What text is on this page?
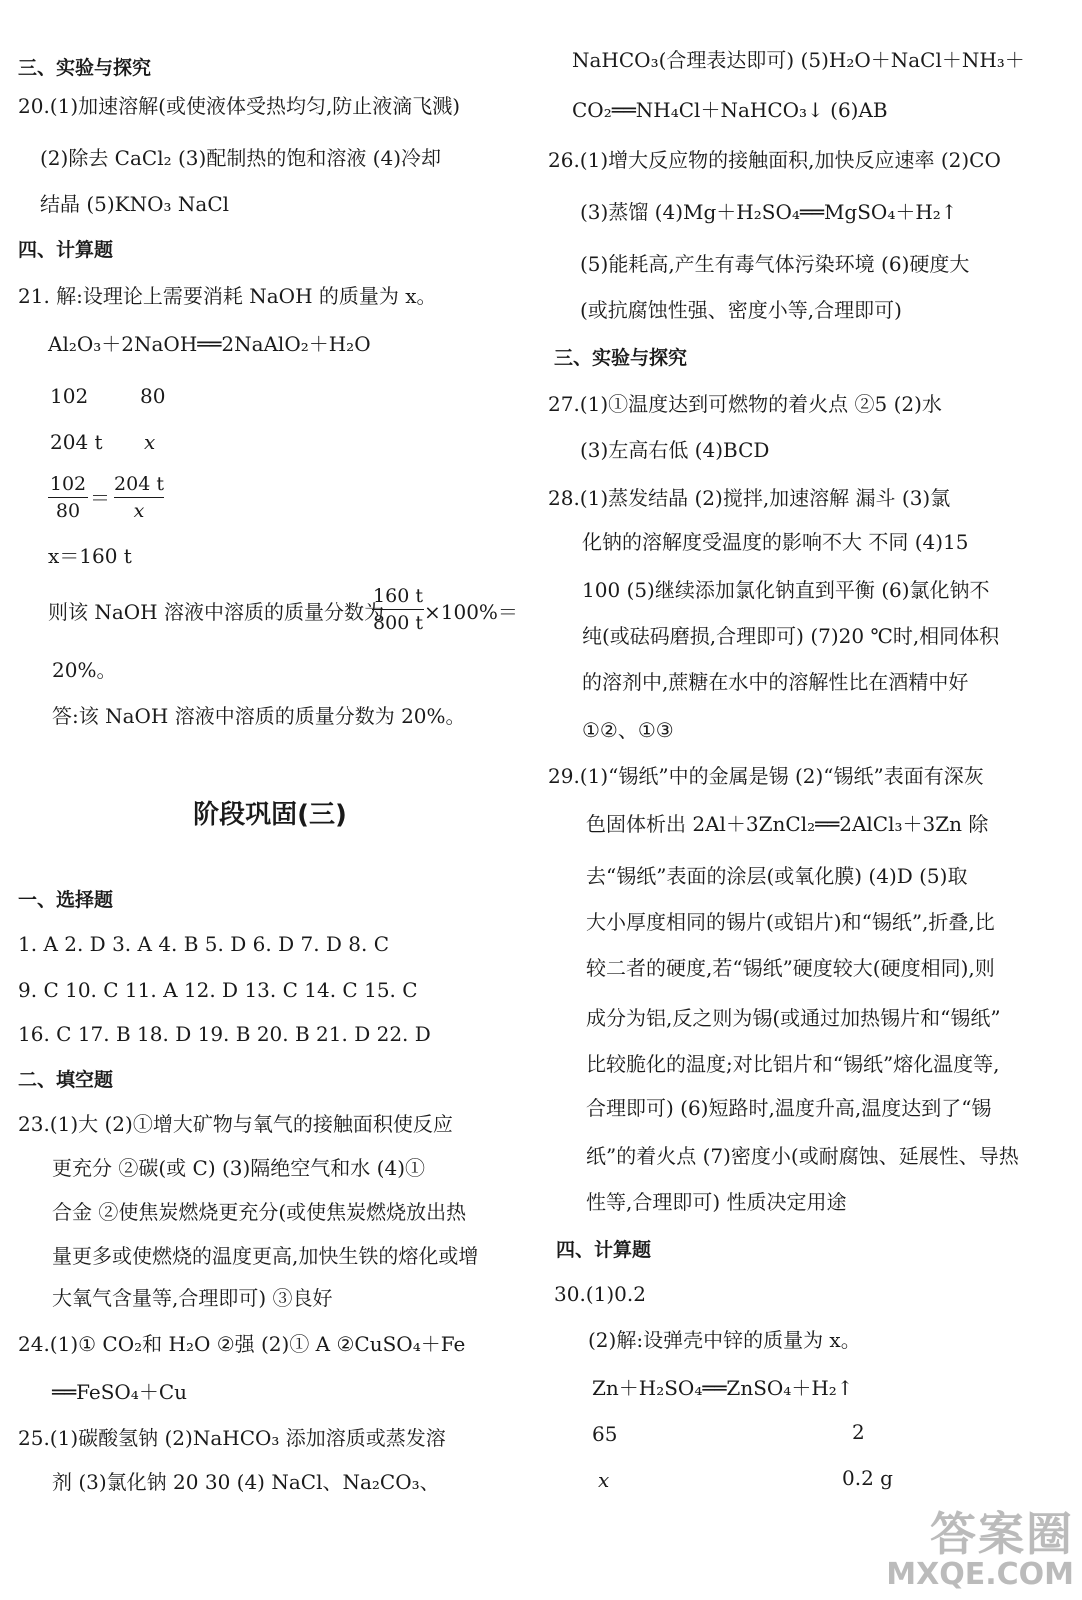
三、实验与探究
20.(1)加速溶解(或使液体受热均匀,防止液滴飞溅)
(2)除去 CaCl₂ (3)配制热的饱和溶液 (4)冷却
结晶 (5)KNO₃ NaCl
四、计算题
21. 解:设理论上需要消耗 NaOH 的质量为 x。
Al₂O₃＋2NaOH══2NaAlO₂＋H₂O
102	80
204 t x
102
80
＝
204 t
x
x＝160 t
则该 NaOH 溶液中溶质的质量分数为
160 t
800 t ×100%＝
20%。
答:该 NaOH 溶液中溶质的质量分数为 20%。
阶段巩固(三)
一、选择题
1. A 2. D 3. A 4. B 5. D 6. D 7. D 8. C
9. C 10. C 11. A 12. D 13. C 14. C 15. C
16. C 17. B 18. D 19. B 20. B 21. D 22. D
二、填空题
23.(1)大 (2)①增大矿物与氧气的接触面积使反应
更充分 ②碳(或 C) (3)隔绝空气和水 (4)①
合金 ②使焦炭燃烧更充分(或使焦炭燃烧放出热
量更多或使燃烧的温度更高,加快生铁的熔化或增
大氧气含量等,合理即可) ③良好
24.(1)① CO₂和 H₂O ②强 (2)① A ②CuSO₄＋Fe
══FeSO₄＋Cu
25.(1)碳酸氢钠 (2)NaHCO₃ 添加溶质或蒸发溶
剂 (3)氯化钠 20 30 (4) NaCl、Na₂CO₃、
NaHCO₃(合理表达即可) (5)H₂O＋NaCl＋NH₃＋
CO₂══NH₄Cl＋NaHCO₃↓ (6)AB
26.(1)增大反应物的接触面积,加快反应速率 (2)CO
(3)蒸馏 (4)Mg＋H₂SO₄══MgSO₄＋H₂↑
(5)能耗高,产生有毒气体污染环境 (6)硬度大
(或抗腐蚀性强、密度小等,合理即可)
三、实验与探究
27.(1)①温度达到可燃物的着火点 ②5 (2)水
(3)左高右低 (4)BCD
28.(1)蒸发结晶 (2)搅拌,加速溶解 漏斗 (3)氯
化钠的溶解度受温度的影响不大 不同 (4)15
100 (5)继续添加氯化钠直到平衡 (6)氯化钠不
纯(或砝码磨损,合理即可) (7)20 ℃时,相同体积
的溶剂中,蔗糖在水中的溶解性比在酒精中好
①②、①③
29.(1)“锡纸”中的金属是锡 (2)“锡纸”表面有深灰
色固体析出 2Al＋3ZnCl₂══2AlCl₃＋3Zn 除
去“锡纸”表面的涂层(或氧化膜) (4)D (5)取
大小厚度相同的锡片(或铝片)和“锡纸”,折叠,比
较二者的硬度,若“锡纸”硬度较大(硬度相同),则
成分为铝,反之则为锡(或通过加热锡片和“锡纸”
比较脆化的温度;对比铝片和“锡纸”熔化温度等,
合理即可) (6)短路时,温度升高,温度达到了“锡
纸”的着火点 (7)密度小(或耐腐蚀、延展性、导热
性等,合理即可) 性质决定用途
四、计算题
30.(1)0.2
(2)解:设弹壳中锌的质量为 x。
Zn＋H₂SO₄══ZnSO₄＋H₂↑
65	2
x	0.2 g
答案圈
MXQE.COM
